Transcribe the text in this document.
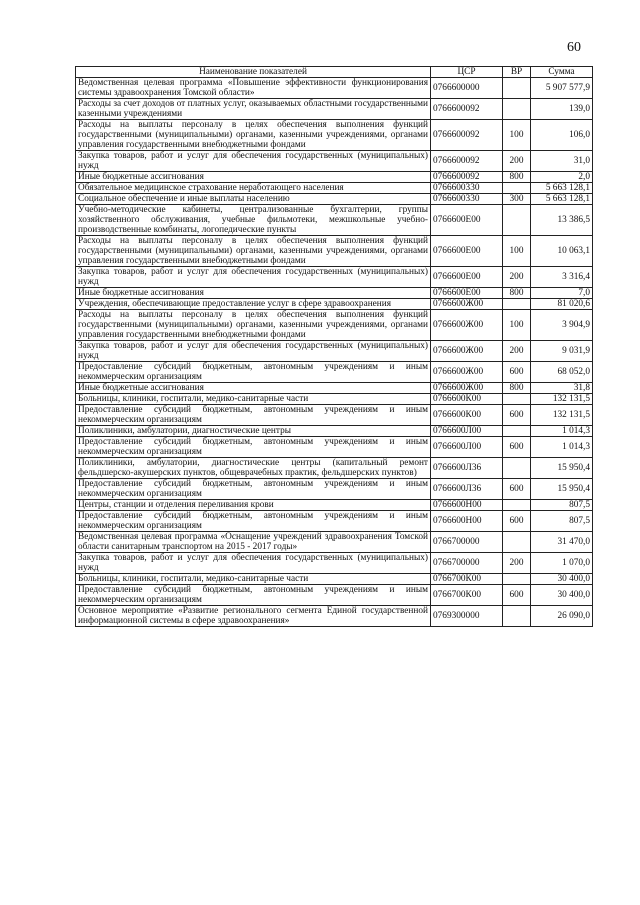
60
Наименование показателей	ЦСР	ВР	Сумма
Ведомственная целевая программа «Повышение эффективности функционирования системы здравоохранения Томской области»	0766600000		5 907 577,9
Расходы за счет доходов от платных услуг, оказываемых областными государственными казенными учреждениями	0766600092		139,0
Расходы на выплаты персоналу в целях обеспечения выполнения функций государственными (муниципальными) органами, казенными учреждениями, органами управления государственными внебюджетными фондами	0766600092	100	106,0
Закупка товаров, работ и услуг для обеспечения государственных (муниципальных) нужд	0766600092	200	31,0
Иные бюджетные ассигнования	0766600092	800	2,0
Обязательное медицинское страхование неработающего населения	0766600330		5 663 128,1
Социальное обеспечение и иные выплаты населению	0766600330	300	5 663 128,1
Учебно-методические кабинеты, централизованные бухгалтерии, группы хозяйственного обслуживания, учебные фильмотеки, межшкольные учебно-производственные комбинаты, логопедические пункты	0766600Е00		13 386,5
Расходы на выплаты персоналу в целях обеспечения выполнения функций государственными (муниципальными) органами, казенными учреждениями, органами управления государственными внебюджетными фондами	0766600Е00	100	10 063,1
Закупка товаров, работ и услуг для обеспечения государственных (муниципальных) нужд	0766600Е00	200	3 316,4
Иные бюджетные ассигнования	0766600Е00	800	7,0
Учреждения, обеспечивающие предоставление услуг в сфере здравоохранения	0766600Ж00		81 020,6
Расходы на выплаты персоналу в целях обеспечения выполнения функций государственными (муниципальными) органами, казенными учреждениями, органами управления государственными внебюджетными фондами	0766600Ж00	100	3 904,9
Закупка товаров, работ и услуг для обеспечения государственных (муниципальных) нужд	0766600Ж00	200	9 031,9
Предоставление субсидий бюджетным, автономным учреждениям и иным некоммерческим организациям	0766600Ж00	600	68 052,0
Иные бюджетные ассигнования	0766600Ж00	800	31,8
Больницы, клиники, госпитали, медико-санитарные части	0766600К00		132 131,5
Предоставление субсидий бюджетным, автономным учреждениям и иным некоммерческим организациям	0766600К00	600	132 131,5
Поликлиники, амбулатории, диагностические центры	0766600Л00		1 014,3
Предоставление субсидий бюджетным, автономным учреждениям и иным некоммерческим организациям	0766600Л00	600	1 014,3
Поликлиники, амбулатории, диагностические центры (капитальный ремонт фельдшерско-акушерских пунктов, общеврачебных практик, фельдшерских пунктов)	0766600Л36		15 950,4
Предоставление субсидий бюджетным, автономным учреждениям и иным некоммерческим организациям	0766600Л36	600	15 950,4
Центры, станции и отделения переливания крови	0766600Н00		807,5
Предоставление субсидий бюджетным, автономным учреждениям и иным некоммерческим организациям	0766600Н00	600	807,5
Ведомственная целевая программа «Оснащение учреждений здравоохранения Томской области санитарным транспортом на 2015 - 2017 годы»	0766700000		31 470,0
Закупка товаров, работ и услуг для обеспечения государственных (муниципальных) нужд	0766700000	200	1 070,0
Больницы, клиники, госпитали, медико-санитарные части	0766700К00		30 400,0
Предоставление субсидий бюджетным, автономным учреждениям и иным некоммерческим организациям	0766700К00	600	30 400,0
Основное мероприятие «Развитие регионального сегмента Единой государственной информационной системы в сфере здравоохранения»	0769300000		26 090,0
